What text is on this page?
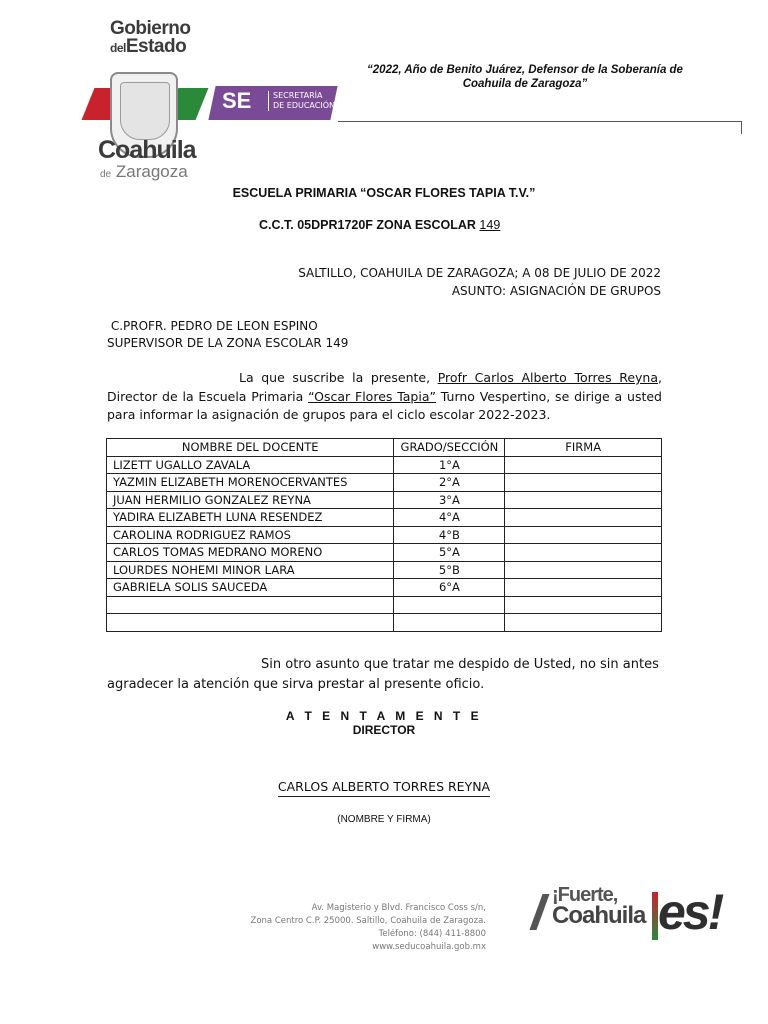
Gobierno
delEstado
SE	SECRETARÍA
DE EDUCACIÓN
Coahuila
de Zaragoza
“2022, Año de Benito Juárez, Defensor de la Soberanía de
Coahuila de Zaragoza”
ESCUELA PRIMARIA “OSCAR FLORES TAPIA T.V.”
C.C.T. 05DPR1720F ZONA ESCOLAR 149
SALTILLO, COAHUILA DE ZARAGOZA; A 08 DE JULIO DE 2022
ASUNTO: ASIGNACIÓN DE GRUPOS
C.PROFR. PEDRO DE LEON ESPINO
SUPERVISOR DE LA ZONA ESCOLAR 149
La que suscribe la presente, Profr Carlos Alberto Torres Reyna, Director de la Escuela Primaria “Oscar Flores Tapia” Turno Vespertino, se dirige a usted para informar la asignación de grupos para el ciclo escolar 2022-2023.
NOMBRE DEL DOCENTE	GRADO/SECCIÓN	FIRMA
LIZETT UGALLO ZAVALA	1°A	
YAZMIN ELIZABETH MORENOCERVANTES	2°A	
JUAN HERMILIO GONZALEZ REYNA	3°A	
YADIRA ELIZABETH LUNA RESENDEZ	4°A	
CAROLINA RODRIGUEZ RAMOS	4°B	
CARLOS TOMAS MEDRANO MORENO	5°A	
LOURDES NOHEMI MINOR LARA	5°B	
GABRIELA SOLIS SAUCEDA	6°A	

Sin otro asunto que tratar me despido de Usted, no sin antes
agradecer la atención que sirva prestar al presente oficio.
A T E N T A M E N T E
DIRECTOR
CARLOS ALBERTO TORRES REYNA
(NOMBRE Y FIRMA)
Av. Magisterio y Blvd. Francisco Coss s/n,
Zona Centro C.P. 25000. Saltillo, Coahuila de Zaragoza.
Teléfono: (844) 411-8800
www.seducoahuila.gob.mx
¡Fuerte,
Coahuila es!
